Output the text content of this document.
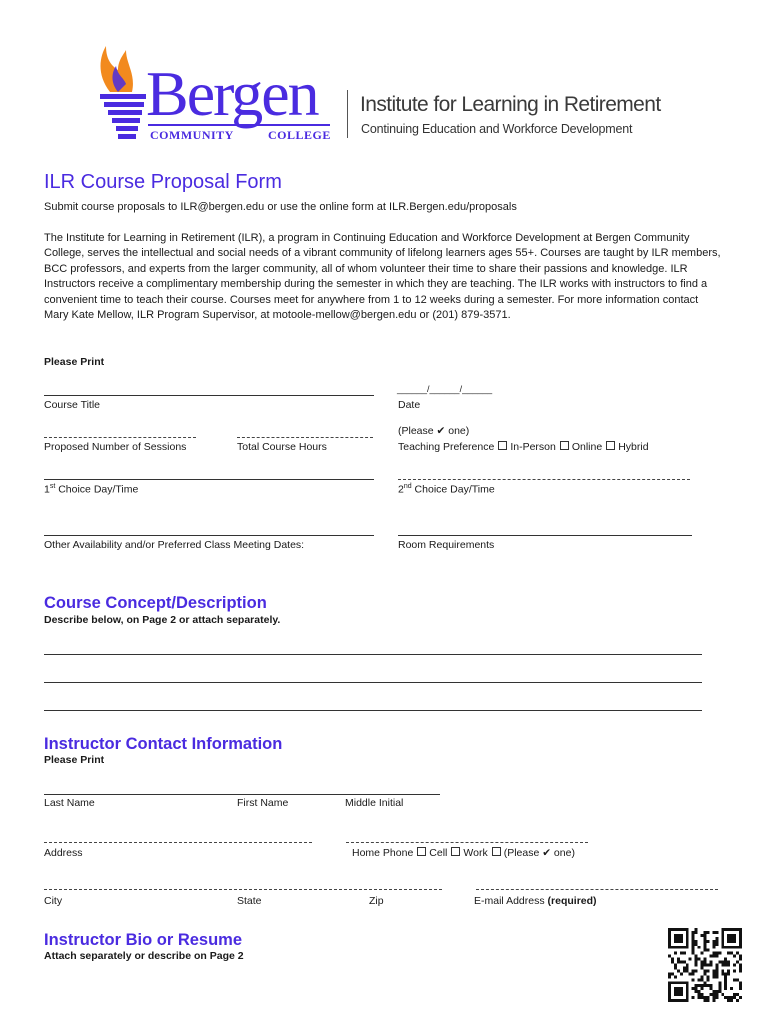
Bergen
COMMUNITY	COLLEGE
Institute for Learning in Retirement
Continuing Education and Workforce Development
ILR Course Proposal Form
Submit course proposals to ILR@bergen.edu or use the online form at ILR.Bergen.edu/proposals
The Institute for Learning in Retirement (ILR), a program in Continuing Education and Workforce Development at Bergen Community College, serves the intellectual and social needs of a vibrant community of lifelong learners ages 55+. Courses are taught by ILR members, BCC professors, and experts from the larger community, all of whom volunteer their time to share their passions and knowledge. ILR Instructors receive a complimentary membership during the semester in which they are teaching. The ILR works with instructors to find a convenient time to teach their course. Courses meet for anywhere from 1 to 12 weeks during a semester. For more information contact Mary Kate Mellow, ILR Program Supervisor, at motoole-mellow@bergen.edu or (201) 879-3571.
Please Print
Course Title
______/______/______
Date
Proposed Number of Sessions	Total Course Hours
(Please ✔ one)
Teaching Preference In-Person Online Hybrid
1st Choice Day/Time	2nd Choice Day/Time
Other Availability and/or Preferred Class Meeting Dates:	Room Requirements
Course Concept/Description
Describe below, on Page 2 or attach separately.
Instructor Contact Information
Please Print
Last Name	First Name	Middle Initial
Address	Home Phone Cell Work (Please ✔ one)
City	State	Zip	E-mail Address (required)
Instructor Bio or Resume
Attach separately or describe on Page 2
